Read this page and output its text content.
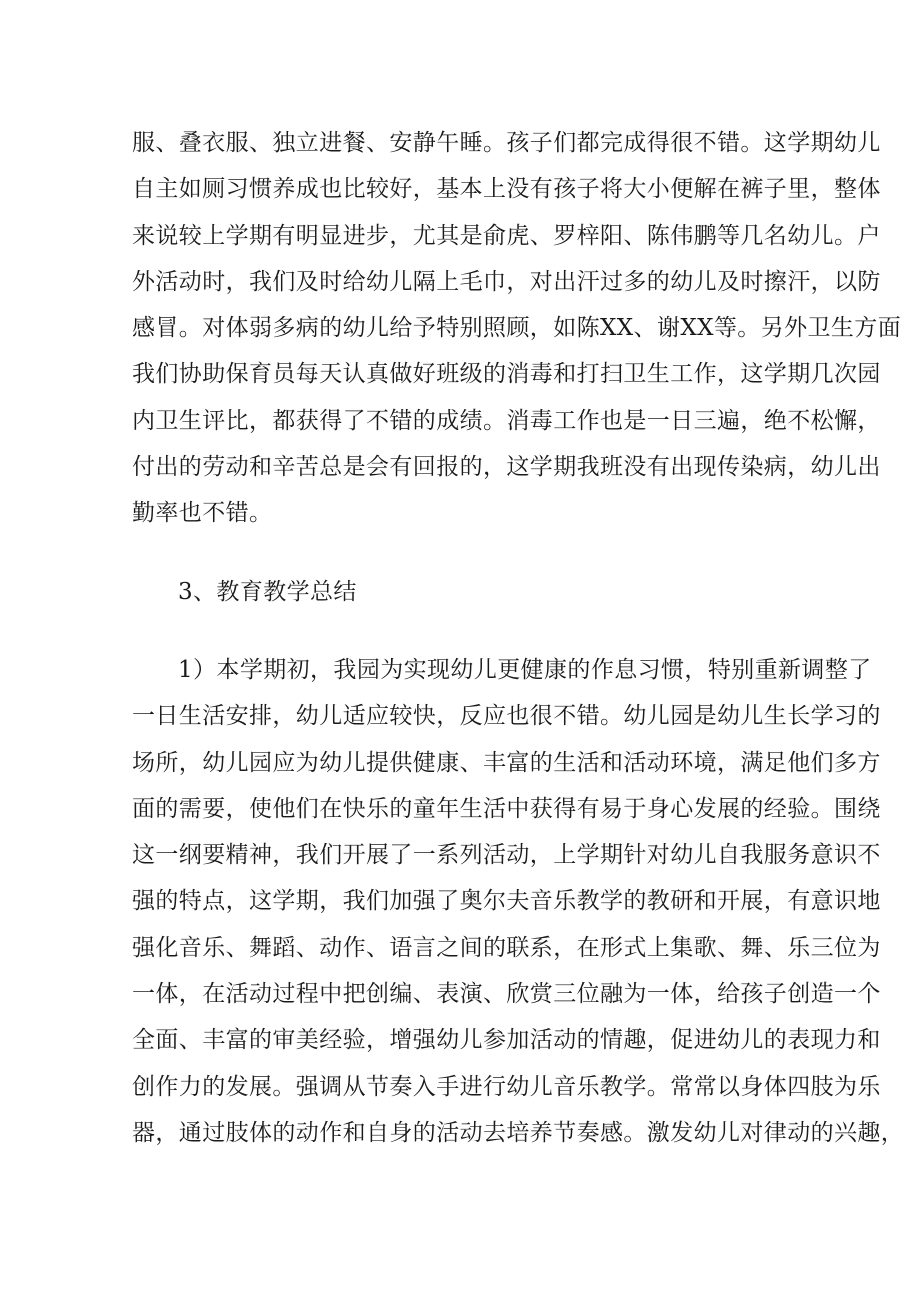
服、叠衣服、独立进餐、安静午睡。孩子们都完成得很不错。这学期幼儿
自主如厕习惯养成也比较好，基本上没有孩子将大小便解在裤子里，整体
来说较上学期有明显进步，尤其是俞虎、罗梓阳、陈伟鹏等几名幼儿。户
外活动时，我们及时给幼儿隔上毛巾，对出汗过多的幼儿及时擦汗，以防
感冒。对体弱多病的幼儿给予特别照顾，如陈XX、谢XX等。另外卫生方面
我们协助保育员每天认真做好班级的消毒和打扫卫生工作，这学期几次园
内卫生评比，都获得了不错的成绩。消毒工作也是一日三遍，绝不松懈，
付出的劳动和辛苦总是会有回报的，这学期我班没有出现传染病，幼儿出
勤率也不错。
3、教育教学总结
1）本学期初，我园为实现幼儿更健康的作息习惯，特别重新调整了
一日生活安排，幼儿适应较快，反应也很不错。幼儿园是幼儿生长学习的
场所，幼儿园应为幼儿提供健康、丰富的生活和活动环境，满足他们多方
面的需要，使他们在快乐的童年生活中获得有易于身心发展的经验。围绕
这一纲要精神，我们开展了一系列活动，上学期针对幼儿自我服务意识不
强的特点，这学期，我们加强了奥尔夫音乐教学的教研和开展，有意识地
强化音乐、舞蹈、动作、语言之间的联系，在形式上集歌、舞、乐三位为
一体，在活动过程中把创编、表演、欣赏三位融为一体，给孩子创造一个
全面、丰富的审美经验，增强幼儿参加活动的情趣，促进幼儿的表现力和
创作力的发展。强调从节奏入手进行幼儿音乐教学。常常以身体四肢为乐
器，通过肢体的动作和自身的活动去培养节奏感。激发幼儿对律动的兴趣，
